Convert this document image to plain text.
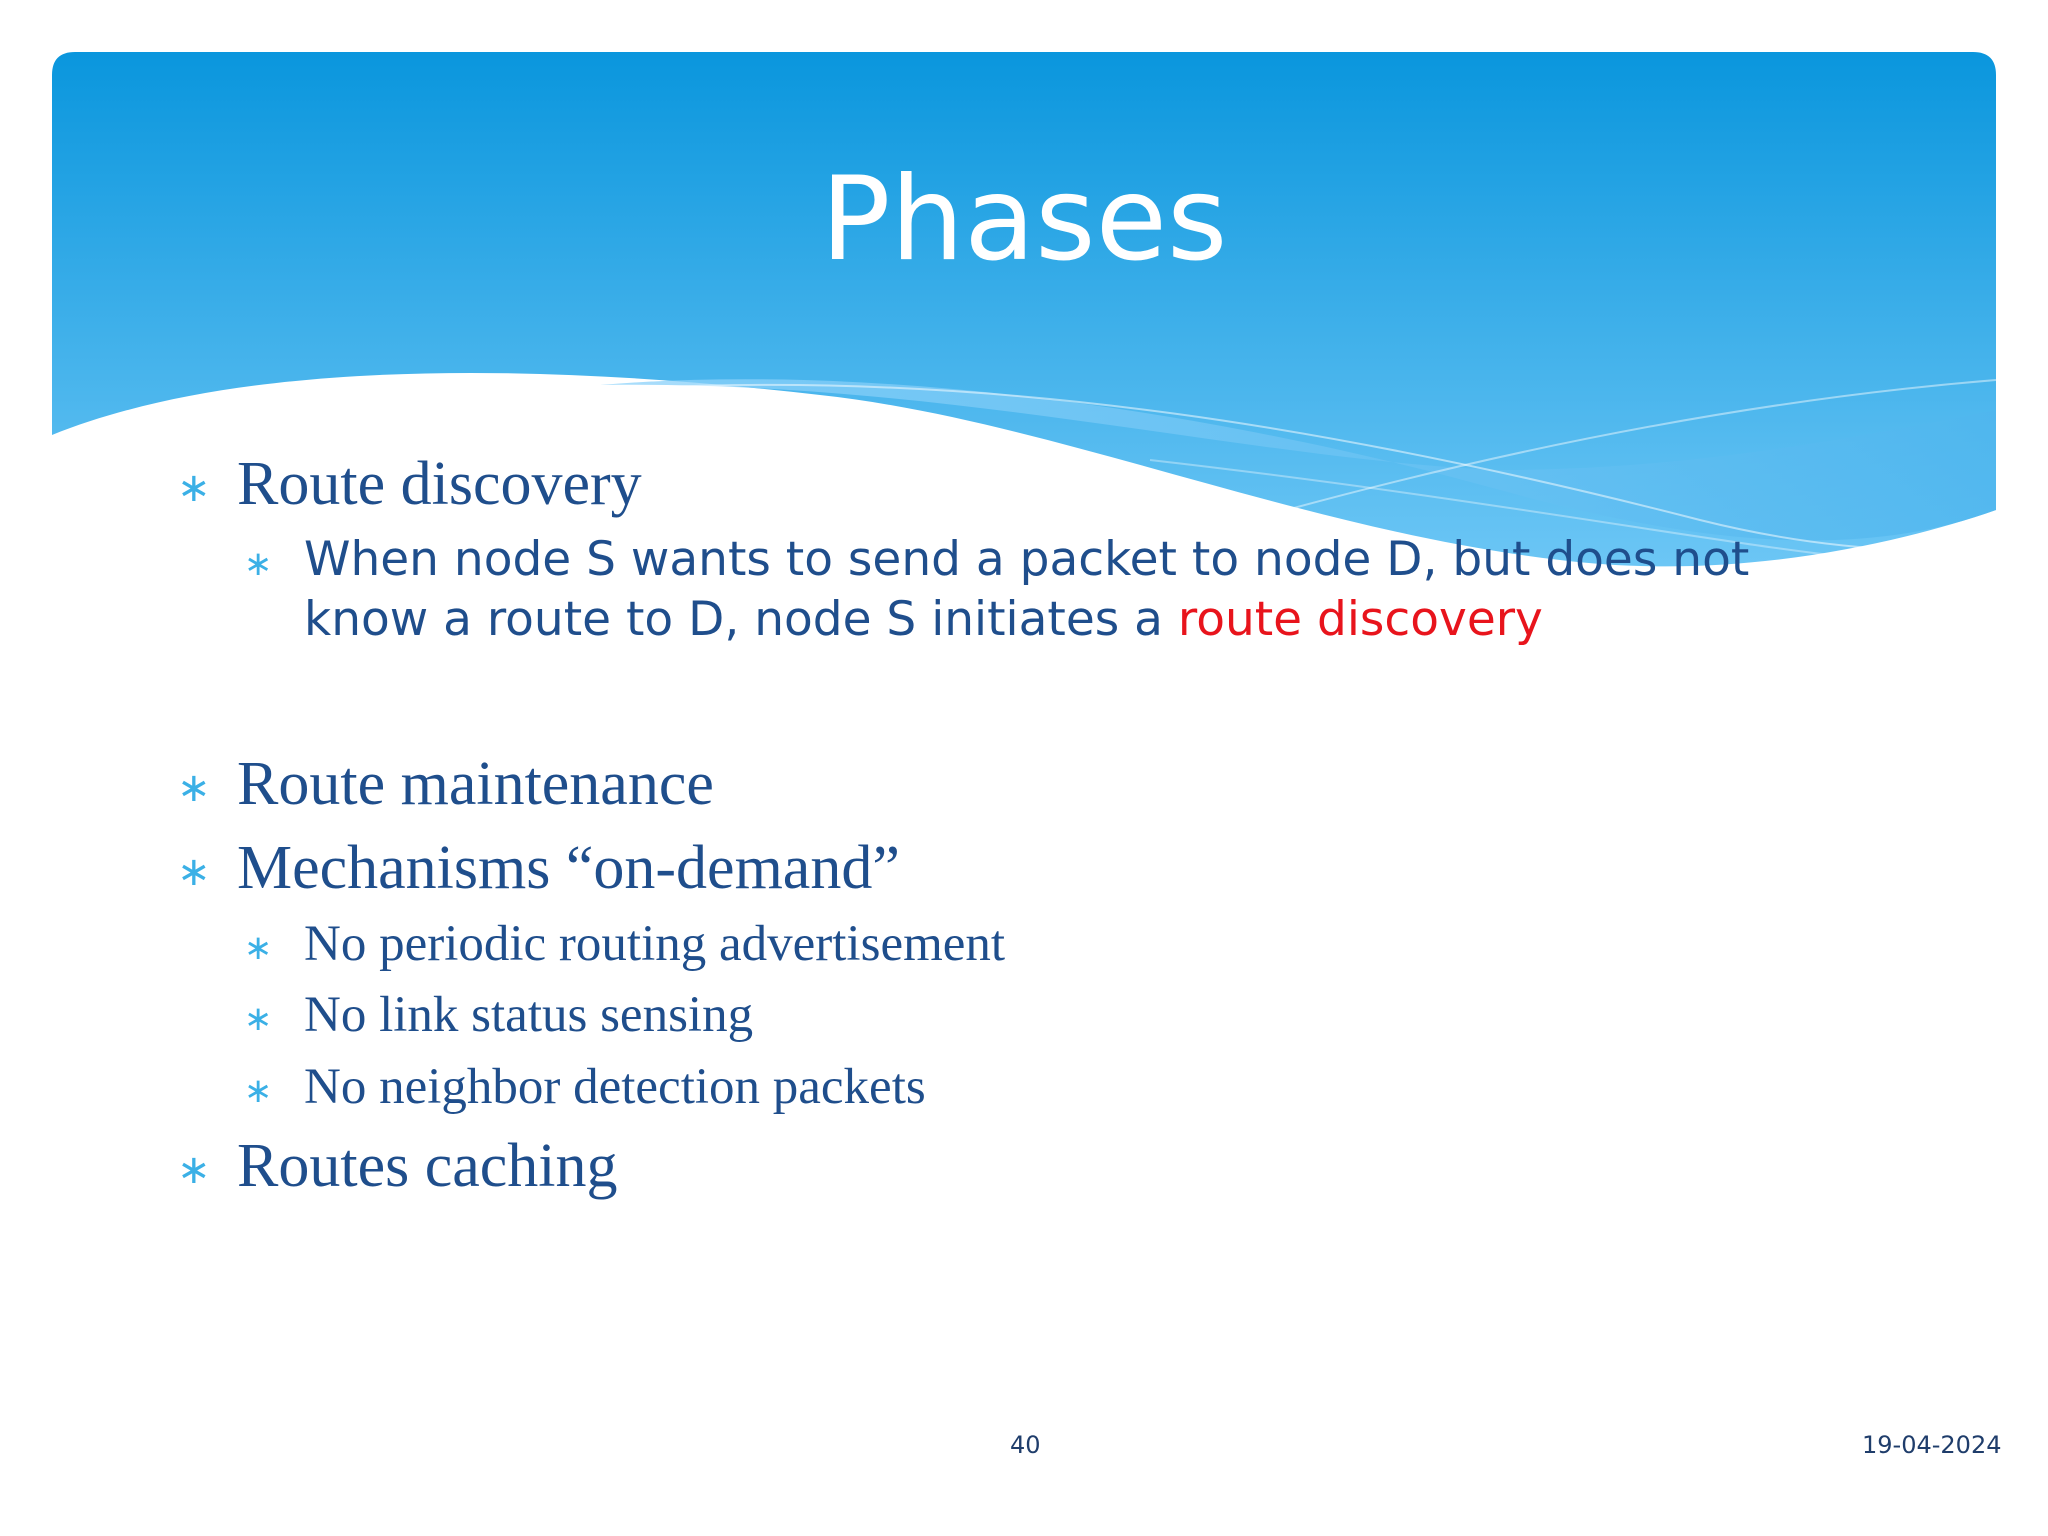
Phases
∗ Route discovery
∗ When node S wants to send a packet to node D, but does not know a route to D, node S initiates a route discovery
∗ Route maintenance
∗ Mechanisms “on-demand”
∗ No periodic routing advertisement
∗ No link status sensing
∗ No neighbor detection packets
∗ Routes caching
40	19-04-2024
